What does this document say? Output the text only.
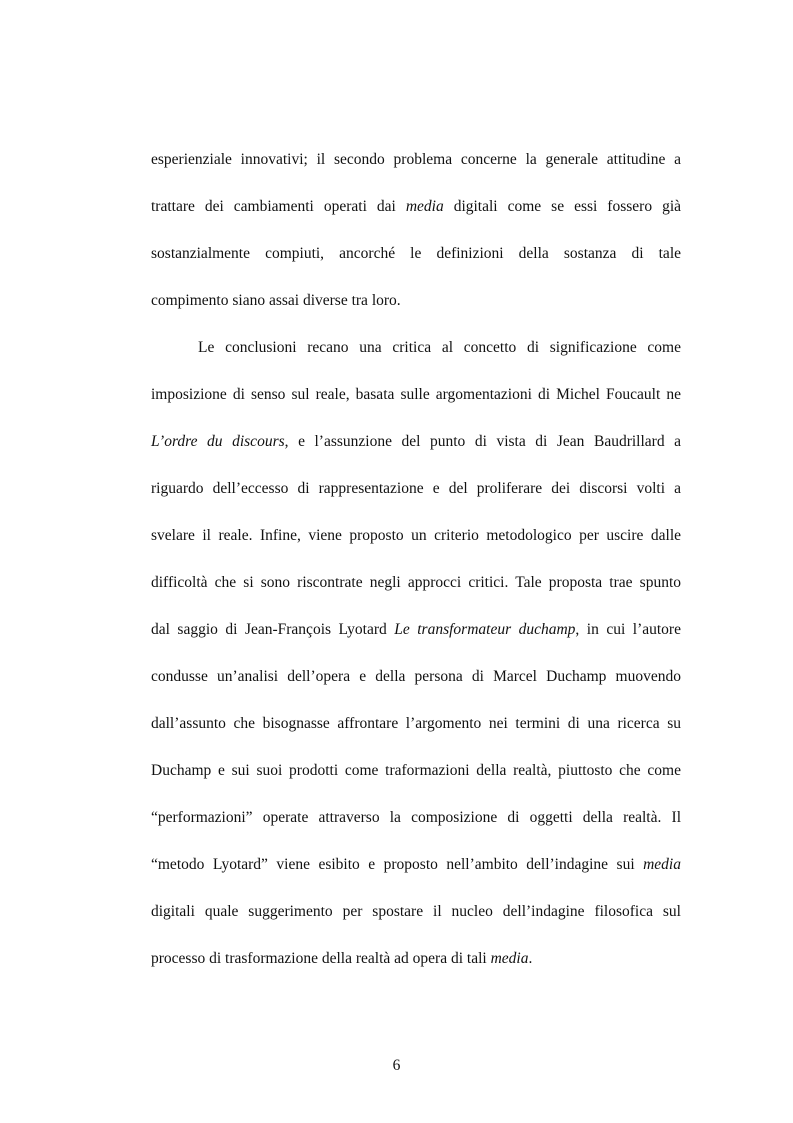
esperienziale innovativi; il secondo problema concerne la generale attitudine a
trattare dei cambiamenti operati dai media digitali come se essi fossero già
sostanzialmente compiuti, ancorché le definizioni della sostanza di tale
compimento siano assai diverse tra loro.
Le conclusioni recano una critica al concetto di significazione come
imposizione di senso sul reale, basata sulle argomentazioni di Michel Foucault ne
L’ordre du discours, e l’assunzione del punto di vista di Jean Baudrillard a
riguardo dell’eccesso di rappresentazione e del proliferare dei discorsi volti a
svelare il reale. Infine, viene proposto un criterio metodologico per uscire dalle
difficoltà che si sono riscontrate negli approcci critici. Tale proposta trae spunto
dal saggio di Jean-François Lyotard Le transformateur duchamp, in cui l’autore
condusse un’analisi dell’opera e della persona di Marcel Duchamp muovendo
dall’assunto che bisognasse affrontare l’argomento nei termini di una ricerca su
Duchamp e sui suoi prodotti come traformazioni della realtà, piuttosto che come
“performazioni” operate attraverso la composizione di oggetti della realtà. Il
“metodo Lyotard” viene esibito e proposto nell’ambito dell’indagine sui media
digitali quale suggerimento per spostare il nucleo dell’indagine filosofica sul
processo di trasformazione della realtà ad opera di tali media.
6
